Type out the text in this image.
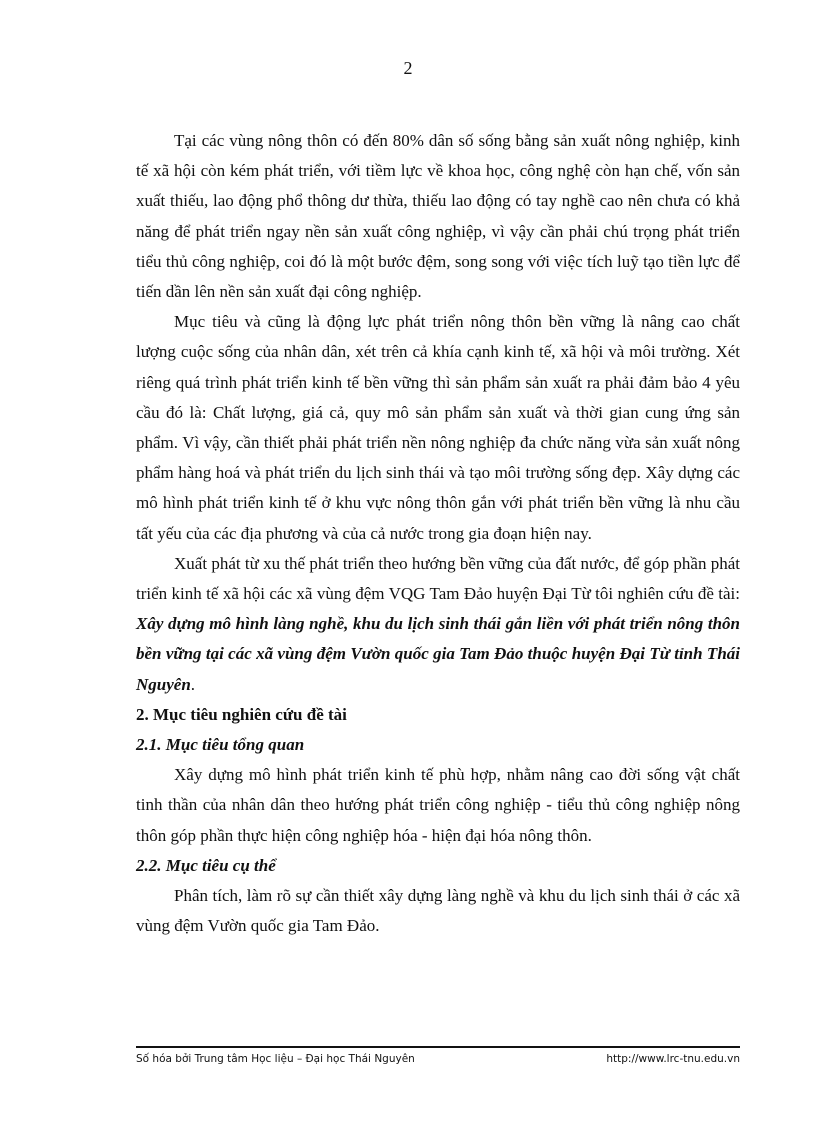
2

Tại các vùng nông thôn có đến 80% dân số sống bằng sản xuất nông nghiệp, kinh tế xã hội còn kém phát triển, với tiềm lực về khoa học, công nghệ còn hạn chế, vốn sản xuất thiếu, lao động phổ thông dư thừa, thiếu lao động có tay nghề cao nên chưa có khả năng để phát triển ngay nền sản xuất công nghiệp, vì vậy cần phải chú trọng phát triển tiểu thủ công nghiệp, coi đó là một bước đệm, song song với việc tích luỹ tạo tiền lực để tiến dần lên nền sản xuất đại công nghiệp.

Mục tiêu và cũng là động lực phát triển nông thôn bền vững là nâng cao chất lượng cuộc sống của nhân dân, xét trên cả khía cạnh kinh tế, xã hội và môi trường. Xét riêng quá trình phát triển kinh tế bền vững thì sản phẩm sản xuất ra phải đảm bảo 4 yêu cầu đó là: Chất lượng, giá cả, quy mô sản phẩm sản xuất và thời gian cung ứng sản phẩm. Vì vậy, cần thiết phải phát triển nền nông nghiệp đa chức năng vừa sản xuất nông phẩm hàng hoá và phát triển du lịch sinh thái và tạo môi trường sống đẹp. Xây dựng các mô hình phát triển kinh tế ở khu vực nông thôn gắn với phát triển bền vững là nhu cầu tất yếu của các địa phương và của cả nước trong gia đoạn hiện nay.

Xuất phát từ xu thế phát triển theo hướng bền vững của đất nước, để góp phần phát triển kinh tế xã hội các xã vùng đệm VQG Tam Đảo huyện Đại Từ tôi nghiên cứu đề tài: Xây dựng mô hình làng nghề, khu du lịch sinh thái gắn liền với phát triển nông thôn bền vững tại các xã vùng đệm Vườn quốc gia Tam Đảo thuộc huyện Đại Từ tỉnh Thái Nguyên.

2. Mục tiêu nghiên cứu đề tài
2.1. Mục tiêu tổng quan

Xây dựng mô hình phát triển kinh tế phù hợp, nhằm nâng cao đời sống vật chất tinh thần của nhân dân theo hướng phát triển công nghiệp - tiểu thủ công nghiệp nông thôn góp phần thực hiện công nghiệp hóa - hiện đại hóa nông thôn.

2.2. Mục tiêu cụ thể

Phân tích, làm rõ sự cần thiết xây dựng làng nghề và khu du lịch sinh thái ở các xã vùng đệm Vườn quốc gia Tam Đảo.

Số hóa bởi Trung tâm Học liệu – Đại học Thái Nguyên	http://www.lrc-tnu.edu.vn
